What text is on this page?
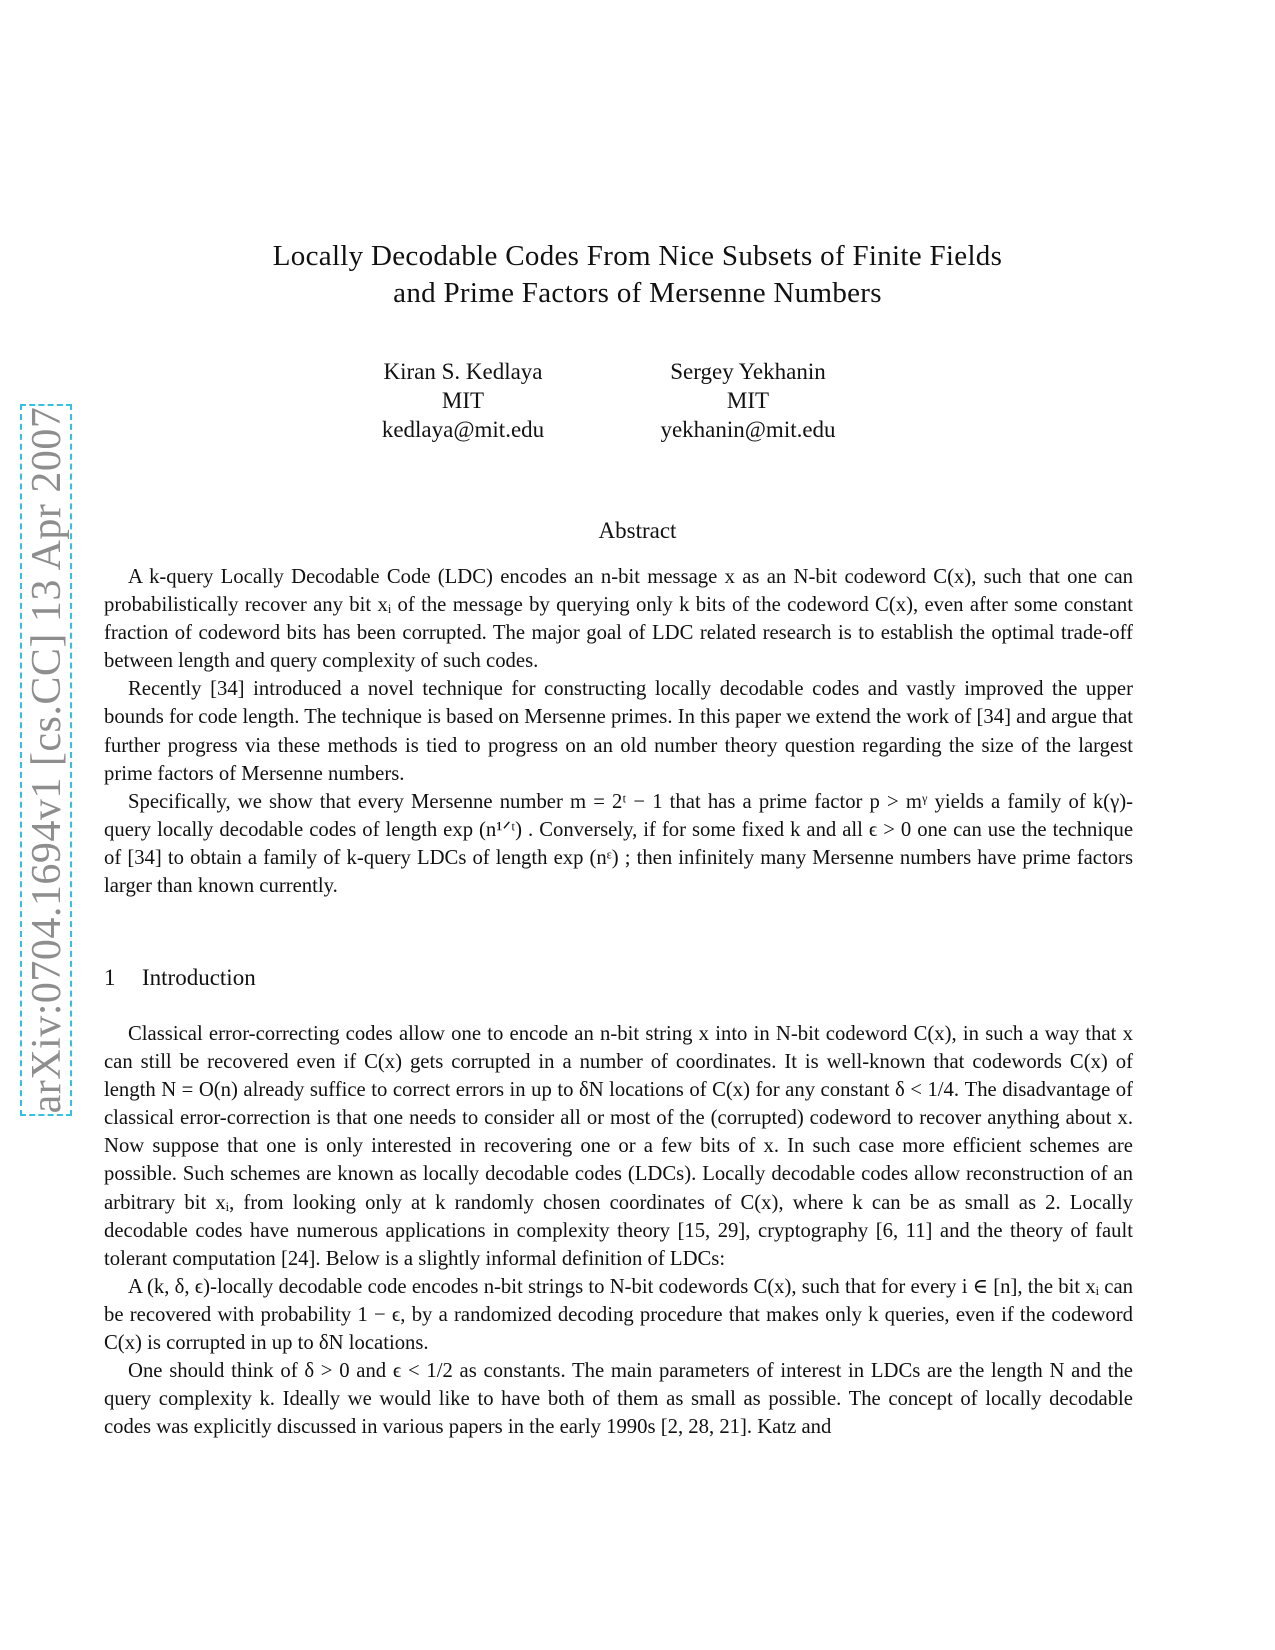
arXiv:0704.1694v1 [cs.CC] 13 Apr 2007
Locally Decodable Codes From Nice Subsets of Finite Fields
and Prime Factors of Mersenne Numbers
Kiran S. Kedlaya
MIT
kedlaya@mit.edu
Sergey Yekhanin
MIT
yekhanin@mit.edu
Abstract

A k-query Locally Decodable Code (LDC) encodes an n-bit message x as an N-bit codeword C(x), such that one can probabilistically recover any bit xᵢ of the message by querying only k bits of the codeword C(x), even after some constant fraction of codeword bits has been corrupted. The major goal of LDC related research is to establish the optimal trade-off between length and query complexity of such codes.

Recently [34] introduced a novel technique for constructing locally decodable codes and vastly improved the upper bounds for code length. The technique is based on Mersenne primes. In this paper we extend the work of [34] and argue that further progress via these methods is tied to progress on an old number theory question regarding the size of the largest prime factors of Mersenne numbers.

Specifically, we show that every Mersenne number m = 2ᵗ − 1 that has a prime factor p > mᵞ yields a family of k(γ)-query locally decodable codes of length exp (n¹ᐟᵗ) . Conversely, if for some fixed k and all ϵ > 0 one can use the technique of [34] to obtain a family of k-query LDCs of length exp (nᵋ) ; then infinitely many Mersenne numbers have prime factors larger than known currently.

1 Introduction

Classical error-correcting codes allow one to encode an n-bit string x into in N-bit codeword C(x), in such a way that x can still be recovered even if C(x) gets corrupted in a number of coordinates. It is well-known that codewords C(x) of length N = O(n) already suffice to correct errors in up to δN locations of C(x) for any constant δ < 1/4. The disadvantage of classical error-correction is that one needs to consider all or most of the (corrupted) codeword to recover anything about x. Now suppose that one is only interested in recovering one or a few bits of x. In such case more efficient schemes are possible. Such schemes are known as locally decodable codes (LDCs). Locally decodable codes allow reconstruction of an arbitrary bit xᵢ, from looking only at k randomly chosen coordinates of C(x), where k can be as small as 2. Locally decodable codes have numerous applications in complexity theory [15, 29], cryptography [6, 11] and the theory of fault tolerant computation [24]. Below is a slightly informal definition of LDCs:

A (k, δ, ϵ)-locally decodable code encodes n-bit strings to N-bit codewords C(x), such that for every i ∈ [n], the bit xᵢ can be recovered with probability 1 − ϵ, by a randomized decoding procedure that makes only k queries, even if the codeword C(x) is corrupted in up to δN locations.

One should think of δ > 0 and ϵ < 1/2 as constants. The main parameters of interest in LDCs are the length N and the query complexity k. Ideally we would like to have both of them as small as possible. The concept of locally decodable codes was explicitly discussed in various papers in the early 1990s [2, 28, 21]. Katz and
